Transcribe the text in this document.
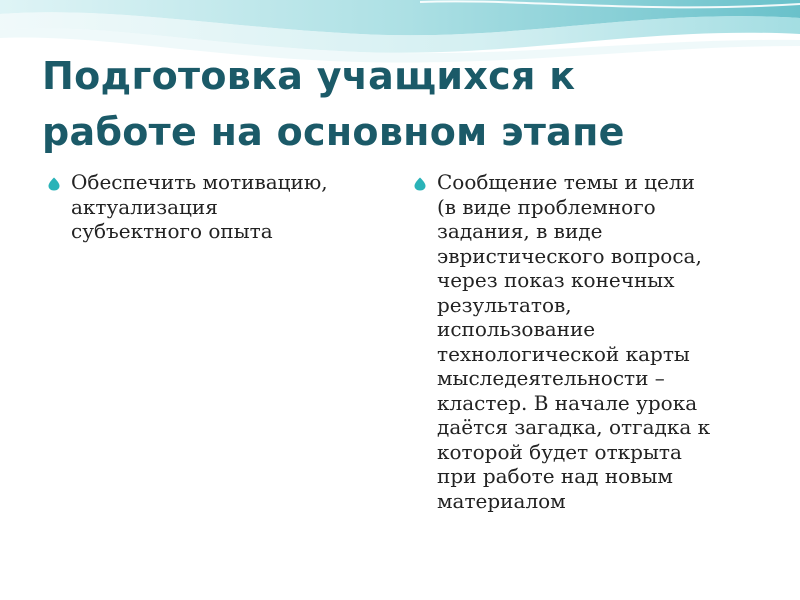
Подготовка учащихся к
работе на основном этапе
Обеспечить мотивацию,
актуализация
субъектного опыта
Сообщение темы и цели
(в виде проблемного
задания, в виде
эвристического вопроса,
через показ конечных
результатов,
использование
технологической карты
мыследеятельности –
кластер. В начале урока
даётся загадка, отгадка к
которой будет открыта
при работе над новым
материалом
